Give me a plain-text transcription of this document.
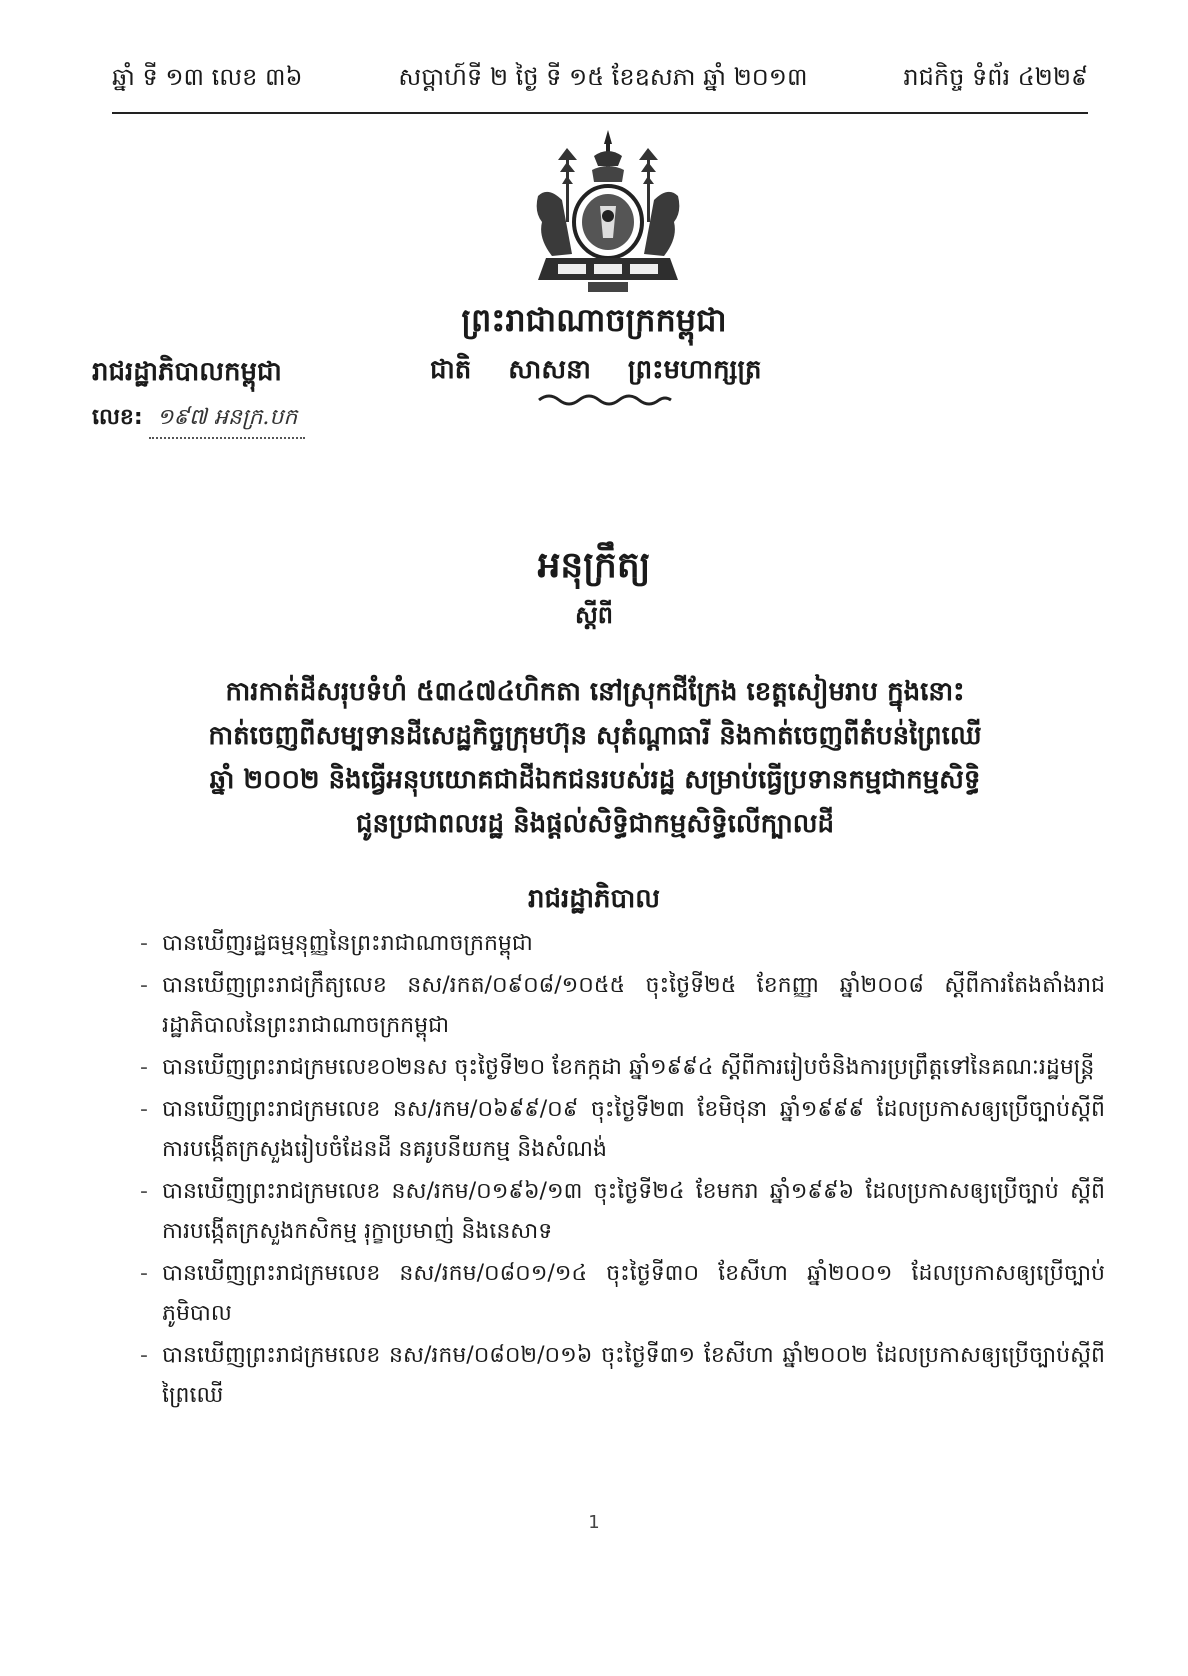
ឆ្នាំ ទី ១៣ លេខ ៣៦	សប្តាហ៍ទី ២ ថ្ងៃ ទី ១៥ ខែឧសភា ឆ្នាំ ២០១៣	រាជកិច្ច ទំព័រ ៤២២៩
ព្រះរាជាណាចក្រកម្ពុជា
ជាតិ សាសនា ព្រះមហាក្សត្រ
រាជរដ្ឋាភិបាលកម្ពុជា
លេខ: ១៩៧ អនក្រ.បក
អនុក្រឹត្យ
ស្តីពី
ការកាត់ដីសរុបទំហំ ៥៣៤៧៤ហិកតា នៅស្រុកជីក្រែង ខេត្តសៀមរាប ក្នុងនោះ
កាត់ចេញពីសម្បទានដីសេដ្ឋកិច្ចក្រុមហ៊ុន សុតំណ្តាធារី និងកាត់ចេញពីតំបន់ព្រៃឈើ
ឆ្នាំ ២០០២ និងធ្វើអនុបយោគជាដីឯកជនរបស់រដ្ឋ សម្រាប់ធ្វើប្រទានកម្មជាកម្មសិទ្ធិ
ជូនប្រជាពលរដ្ឋ និងផ្តល់សិទ្ធិជាកម្មសិទ្ធិលើក្បាលដី
រាជរដ្ឋាភិបាល
- បានឃើញរដ្ឋធម្មនុញ្ញនៃព្រះរាជាណាចក្រកម្ពុជា
- បានឃើញព្រះរាជក្រឹត្យលេខ នស/រកត/០៩០៨/១០៥៥ ចុះថ្ងៃទី២៥ ខែកញ្ញា ឆ្នាំ២០០៨ ស្តីពីការតែងតាំងរាជរដ្ឋាភិបាលនៃព្រះរាជាណាចក្រកម្ពុជា
- បានឃើញព្រះរាជក្រមលេខ០២នស ចុះថ្ងៃទី២០ ខែកក្កដា ឆ្នាំ១៩៩៤ ស្តីពីការរៀបចំនិងការប្រព្រឹត្តទៅនៃគណៈរដ្ឋមន្ត្រី
- បានឃើញព្រះរាជក្រមលេខ នស/រកម/០៦៩៩/០៩ ចុះថ្ងៃទី២៣ ខែមិថុនា ឆ្នាំ១៩៩៩ ដែលប្រកាសឲ្យប្រើច្បាប់ស្តីពីការបង្កើតក្រសួងរៀបចំដែនដី នគរូបនីយកម្ម និងសំណង់
- បានឃើញព្រះរាជក្រមលេខ នស/រកម/០១៩៦/១៣ ចុះថ្ងៃទី២៤ ខែមករា ឆ្នាំ១៩៩៦ ដែលប្រកាសឲ្យប្រើច្បាប់ ស្តីពីការបង្កើតក្រសួងកសិកម្ម រុក្ខាប្រមាញ់ និងនេសាទ
- បានឃើញព្រះរាជក្រមលេខ នស/រកម/០៨០១/១៤ ចុះថ្ងៃទី៣០ ខែសីហា ឆ្នាំ២០០១ ដែលប្រកាសឲ្យប្រើច្បាប់ភូមិបាល
- បានឃើញព្រះរាជក្រមលេខ នស/រកម/០៨០២/០១៦ ចុះថ្ងៃទី៣១ ខែសីហា ឆ្នាំ២០០២ ដែលប្រកាសឲ្យប្រើច្បាប់ស្តីពីព្រៃឈើ
1
